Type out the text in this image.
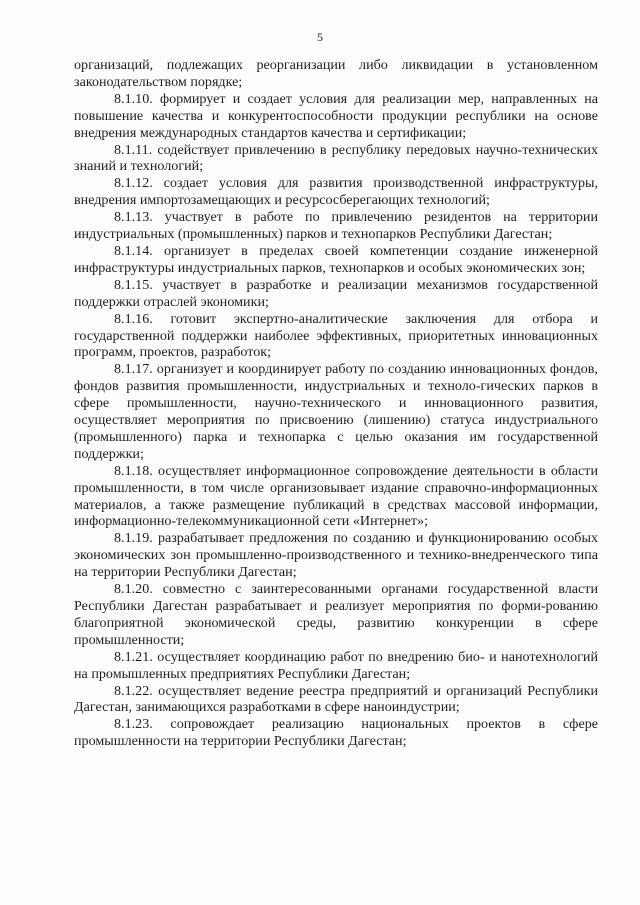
5

организаций, подлежащих реорганизации либо ликвидации в установленном законодательством порядке;

8.1.10. формирует и создает условия для реализации мер, направленных на повышение качества и конкурентоспособности продукции республики на основе внедрения международных стандартов качества и сертификации;

8.1.11. содействует привлечению в республику передовых научно-технических знаний и технологий;

8.1.12. создает условия для развития производственной инфраструктуры, внедрения импортозамещающих и ресурсосберегающих технологий;

8.1.13. участвует в работе по привлечению резидентов на территории индустриальных (промышленных) парков и технопарков Республики Дагестан;

8.1.14. организует в пределах своей компетенции создание инженерной инфраструктуры индустриальных парков, технопарков и особых экономических зон;

8.1.15. участвует в разработке и реализации механизмов государственной поддержки отраслей экономики;

8.1.16. готовит экспертно-аналитические заключения для отбора и государственной поддержки наиболее эффективных, приоритетных инновационных программ, проектов, разработок;

8.1.17. организует и координирует работу по созданию инновационных фондов, фондов развития промышленности, индустриальных и техноло-гических парков в сфере промышленности, научно-технического и инновационного развития, осуществляет мероприятия по присвоению (лишению) статуса индустриального (промышленного) парка и технопарка с целью оказания им государственной поддержки;

8.1.18. осуществляет информационное сопровождение деятельности в области промышленности, в том числе организовывает издание справочно-информационных материалов, а также размещение публикаций в средствах массовой информации, информационно-телекоммуникационной сети «Интернет»;

8.1.19. разрабатывает предложения по созданию и функционированию особых экономических зон промышленно-производственного и технико-внедренческого типа на территории Республики Дагестан;

8.1.20. совместно с заинтересованными органами государственной власти Республики Дагестан разрабатывает и реализует мероприятия по форми-рованию благоприятной экономической среды, развитию конкуренции в сфере промышленности;

8.1.21. осуществляет координацию работ по внедрению био- и нанотехнологий на промышленных предприятиях Республики Дагестан;

8.1.22. осуществляет ведение реестра предприятий и организаций Республики Дагестан, занимающихся разработками в сфере наноиндустрии;

8.1.23. сопровождает реализацию национальных проектов в сфере промышленности на территории Республики Дагестан;
